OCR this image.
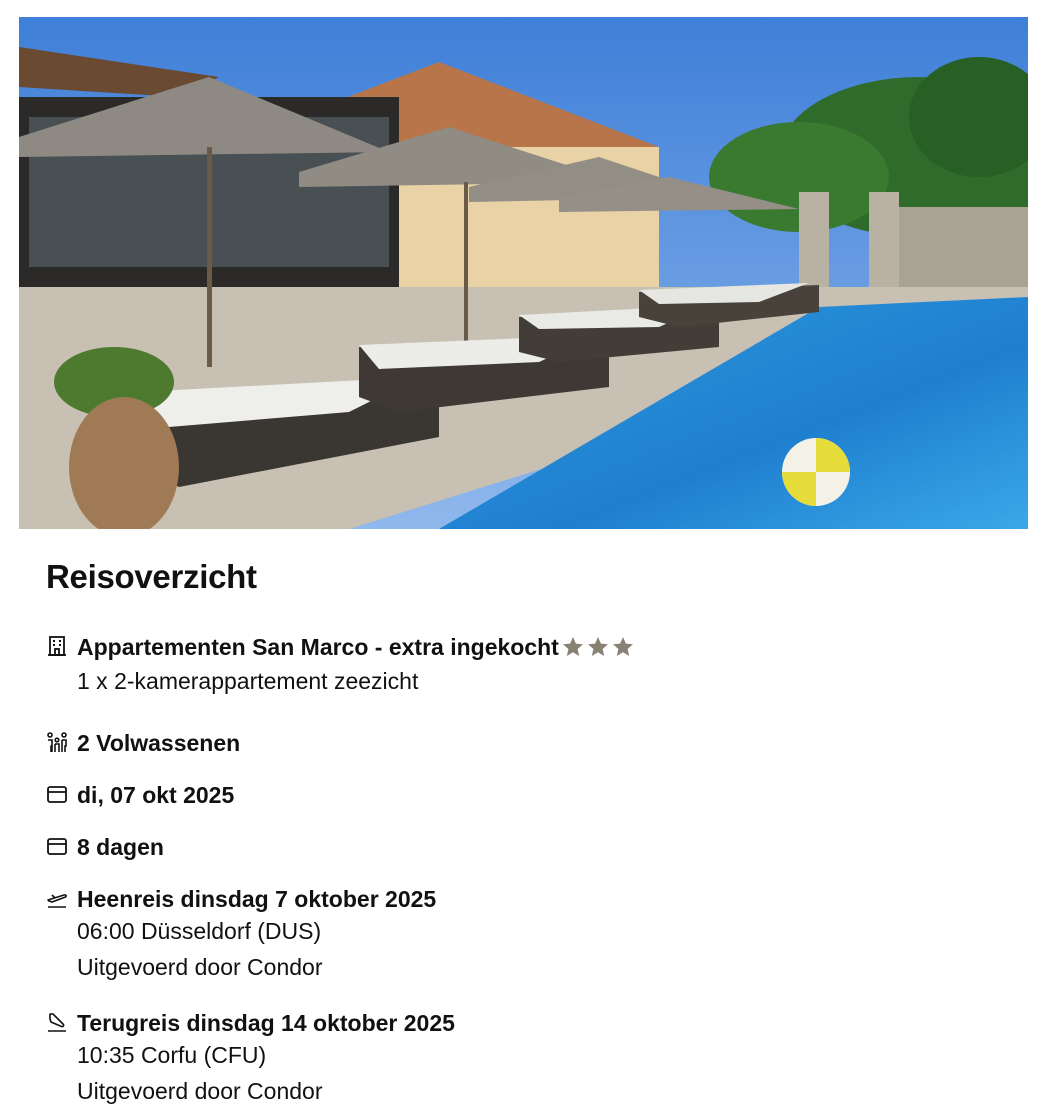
Reisoverzicht
Appartementen San Marco - extra ingekocht
1 x 2-kamerappartement zeezicht
2 Volwassenen
di, 07 okt 2025
8 dagen
Heenreis dinsdag 7 oktober 2025
06:00 Düsseldorf (DUS)
Uitgevoerd door Condor
Terugreis dinsdag 14 oktober 2025
10:35 Corfu (CFU)
Uitgevoerd door Condor
